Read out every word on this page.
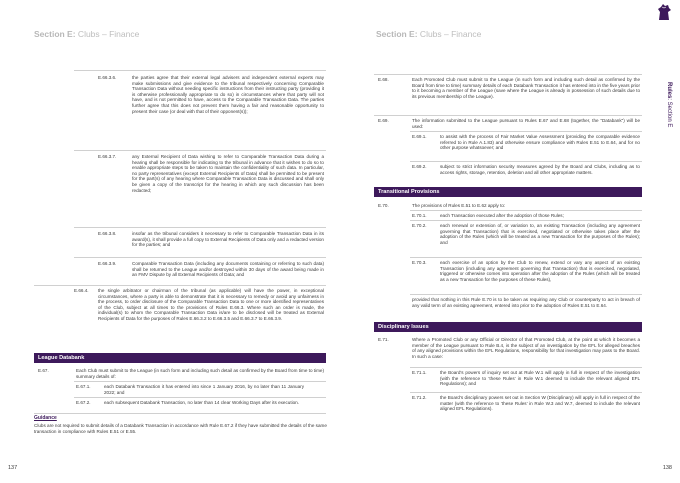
Section E: Clubs – Finance
E.66.3.6.	the parties agree that their external legal advisers and independent external experts may make submissions and give evidence to the tribunal respectively concerning Comparable Transaction Data without needing specific instructions from their instructing party (providing it is otherwise professionally appropriate to do so) in circumstances where that party will not have, and is not permitted to have, access to the Comparable Transaction Data. The parties further agree that this does not prevent them having a fair and reasonable opportunity to present their case (or deal with that of their opponent(s));
E.66.3.7.	any External Recipient of Data wishing to refer to Comparable Transaction Data during a hearing shall be responsible for indicating to the tribunal in advance that it wishes to do so to enable appropriate steps to be taken to maintain the confidentiality of such data. In particular, no party representatives (except External Recipients of Data) shall be permitted to be present for the part(s) of any hearing where Comparable Transaction Data is discussed and shall only be given a copy of the transcript for the hearing in which any such discussion has been redacted;
E.66.3.8.	insofar as the tribunal considers it necessary to refer to Comparable Transaction Data in its award(s), it shall provide a full copy to External Recipients of Data only and a redacted version for the parties; and
E.66.3.9.	Comparable Transaction Data (including any documents containing or referring to such data) shall be returned to the League and/or destroyed within 30 days of the award being made in an FMV Dispute by all External Recipients of Data; and
E.66.4. the single arbitrator or chairman of the tribunal (as applicable) will have the power, in exceptional circumstances, where a party is able to demonstrate that it is necessary to remedy or avoid any unfairness in the process, to order disclosure of the Comparable Transaction Data to one or more identified representatives of the Club, subject at all times to the provisions of Rules E.66.3. Where such an order is made, the individual(s) to whom the Comparable Transaction Data is/are to be disclosed will be treated as External Recipients of Data for the purposes of Rules E.66.3.2 to E.66.3.5 and E.66.3.7 to E.66.3.9.
League Databank
E.67.	Each Club must submit to the League (in such form and including such detail as confirmed by the Board from time to time) summary details of:
E.67.1.	each Databank Transaction it has entered into since 1 January 2016, by no later than 11 January 2022; and
E.67.2.	each subsequent Databank Transaction, no later than 14 clear Working Days after its execution.
Guidance
Clubs are not required to submit details of a Databank Transaction in accordance with Rule E.67.2 if they have submitted the details of the same transaction in compliance with Rules E.51 or E.55.
137
Section E: Clubs – Finance
Rules: Section E
E.68.	Each Promoted Club must submit to the League (in such form and including such detail as confirmed by the Board from time to time) summary details of each Databank Transaction it has entered into in the five years prior to it becoming a member of the League (save where the League is already in possession of such details due to its previous membership of the League).
E.69.	The information submitted to the League pursuant to Rules E.67 and E.68 (together, the “Databank”) will be used:
E.69.1.	to assist with the process of Fair Market Value Assessment (providing the comparable evidence referred to in Rule A.1.83) and otherwise ensure compliance with Rules E.51 to E.64, and for no other purpose whatsoever; and
E.69.2.	subject to strict information security measures agreed by the Board and Clubs, including as to access rights, storage, retention, deletion and all other appropriate matters.
Transitional Provisions
E.70.	The provisions of Rules E.51 to E.62 apply to:
E.70.1.	each Transaction executed after the adoption of those Rules;
E.70.2.	each renewal or extension of, or variation to, an existing Transaction (including any agreement governing that Transaction) that is exercised, negotiated or otherwise takes place after the adoption of the Rules (which will be treated as a new Transaction for the purposes of the Rules); and
E.70.3.	each exercise of an option by the Club to renew, extend or vary any aspect of an existing Transaction (including any agreement governing that Transaction) that is exercised, negotiated, triggered or otherwise comes into operation after the adoption of the Rules (which will be treated as a new Transaction for the purposes of these Rules),
provided that nothing in this Rule E.70 is to be taken as requiring any Club or counterparty to act in breach of any valid term of an existing agreement, entered into prior to the adoption of Rules E.51 to E.64.
Disciplinary Issues
E.71.	Where a Promoted Club or any Official or Director of that Promoted Club, at the point at which it becomes a member of the League pursuant to Rule B.4, is the subject of an investigation by the EFL for alleged breaches of any aligned provisions within the EFL Regulations, responsibility for that investigation may pass to the Board. In such a case:
E.71.1.	the Board’s powers of inquiry set out at Rule W.1 will apply in full in respect of the investigation (with the reference to ‘these Rules’ in Rule W.1 deemed to include the relevant aligned EFL Regulations); and
E.71.2.	the Board’s disciplinary powers set out in Section W (Disciplinary) will apply in full in respect of the matter (with the reference to ‘these Rules’ in Rule W.3 and W.7, deemed to include the relevant aligned EFL Regulations).
138
